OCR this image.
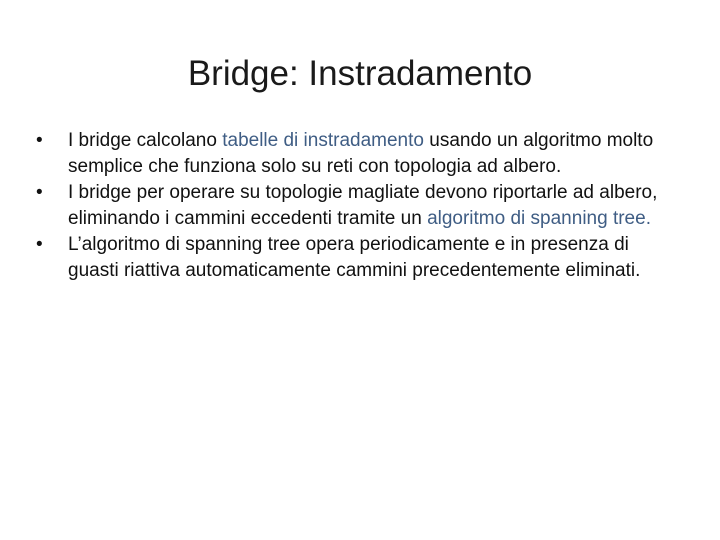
Bridge: Instradamento
•	I bridge calcolano tabelle di instradamento usando un algoritmo molto semplice che funziona solo su reti con topologia ad albero.
•	I bridge per operare su topologie magliate devono riportarle ad albero, eliminando i cammini eccedenti tramite un algoritmo di spanning tree.
•	L’algoritmo di spanning tree opera periodicamente e in presenza di guasti riattiva automaticamente cammini precedentemente eliminati.
